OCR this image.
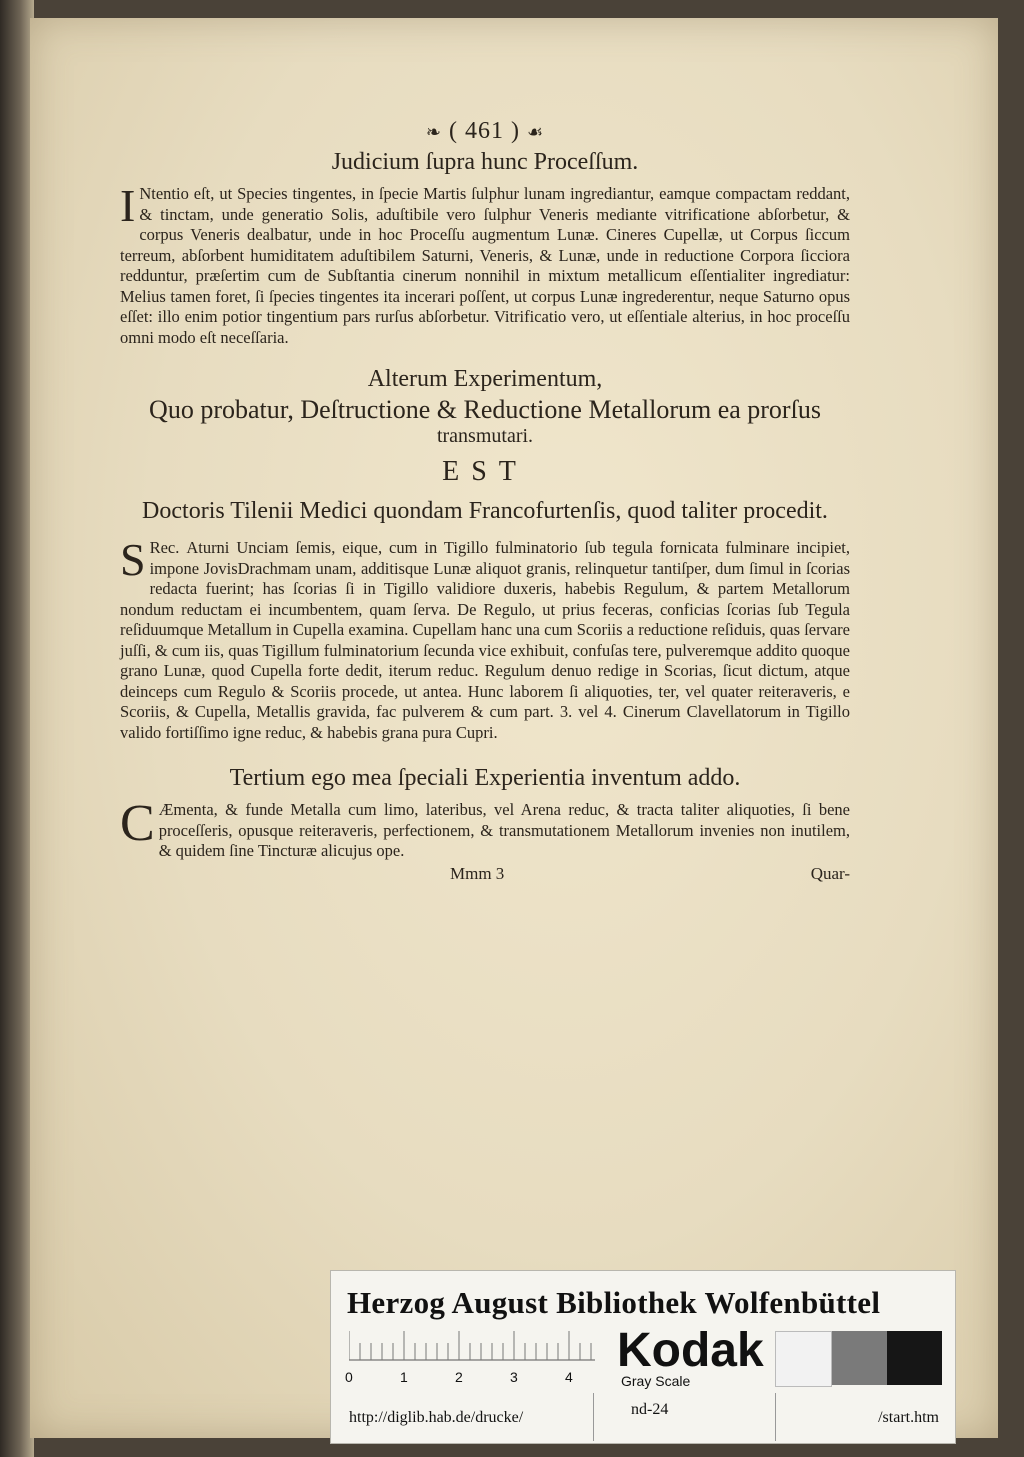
❧ ( 461 ) ☙
Judicium ſupra hunc Proceſſum.

I Ntentio eſt, ut Species tingentes, in ſpecie Martis ſulphur lunam ingrediantur, eamque compactam reddant, & tinctam, unde generatio Solis, aduſtibile vero ſulphur Veneris mediante vitrificatione abſorbetur, & corpus Veneris dealbatur, unde in hoc Proceſſu augmentum Lunæ. Cineres Cupellæ, ut Corpus ſiccum terreum, abſorbent humiditatem aduſtibilem Saturni, Veneris, & Lunæ, unde in reductione Corpora ſicciora redduntur, præſertim cum de Subſtantia cinerum nonnihil in mixtum metallicum eſſentialiter ingrediatur: Melius tamen foret, ſi ſpecies tingentes ita incerari poſſent, ut corpus Lunæ ingrederentur, neque Saturno opus eſſet: illo enim potior tingentium pars rurſus abſorbetur. Vitrificatio vero, ut eſſentiale alterius, in hoc proceſſu omni modo eſt neceſſaria.

Alterum Experimentum,
Quo probatur, Deſtructione & Reductione Metallorum ea prorſus
transmutari.
EST
Doctoris Tilenii Medici quondam Francofurtenſis, quod taliter procedit.

Rec.
S Aturni Unciam ſemis, eique, cum in Tigillo fulminatorio ſub tegula fornicata fulminare incipiet, impone JovisDrachmam unam, additisque Lunæ aliquot granis, relinquetur tantiſper, dum ſimul in ſcorias redacta fuerint; has ſcorias ſi in Tigillo validiore duxeris, habebis Regulum, & partem Metallorum nondum reductam ei incumbentem, quam ſerva. De Regulo, ut prius feceras, conficias ſcorias ſub Tegula reſiduumque Metallum in Cupella examina. Cupellam hanc una cum Scoriis a reductione reſiduis, quas ſervare juſſi, & cum iis, quas Tigillum fulminatorium ſecunda vice exhibuit, confuſas tere, pulveremque addito quoque grano Lunæ, quod Cupella forte dedit, iterum reduc. Regulum denuo redige in Scorias, ſicut dictum, atque deinceps cum Regulo & Scoriis procede, ut antea. Hunc laborem ſi aliquoties, ter, vel quater reiteraveris, e Scoriis, & Cupella, Metallis gravida, fac pulverem & cum part. 3. vel 4. Cinerum Clavellatorum in Tigillo valido fortiſſimo igne reduc, & habebis grana pura Cupri.

Tertium ego mea ſpeciali Experientia inventum addo.

C Æmenta, & funde Metalla cum limo, lateribus, vel Arena reduc, & tracta taliter aliquoties, ſi bene proceſſeris, opusque reiteraveris, perfectionem, & transmutationem Metallorum invenies non inutilem, & quidem ſine Tincturæ alicujus ope.

Mmm 3	Quar-
Herzog August Bibliothek Wolfenbüttel
0	1	2	3	4 Kodak
Gray Scale
http://diglib.hab.de/drucke/	nd-24	/start.htm
